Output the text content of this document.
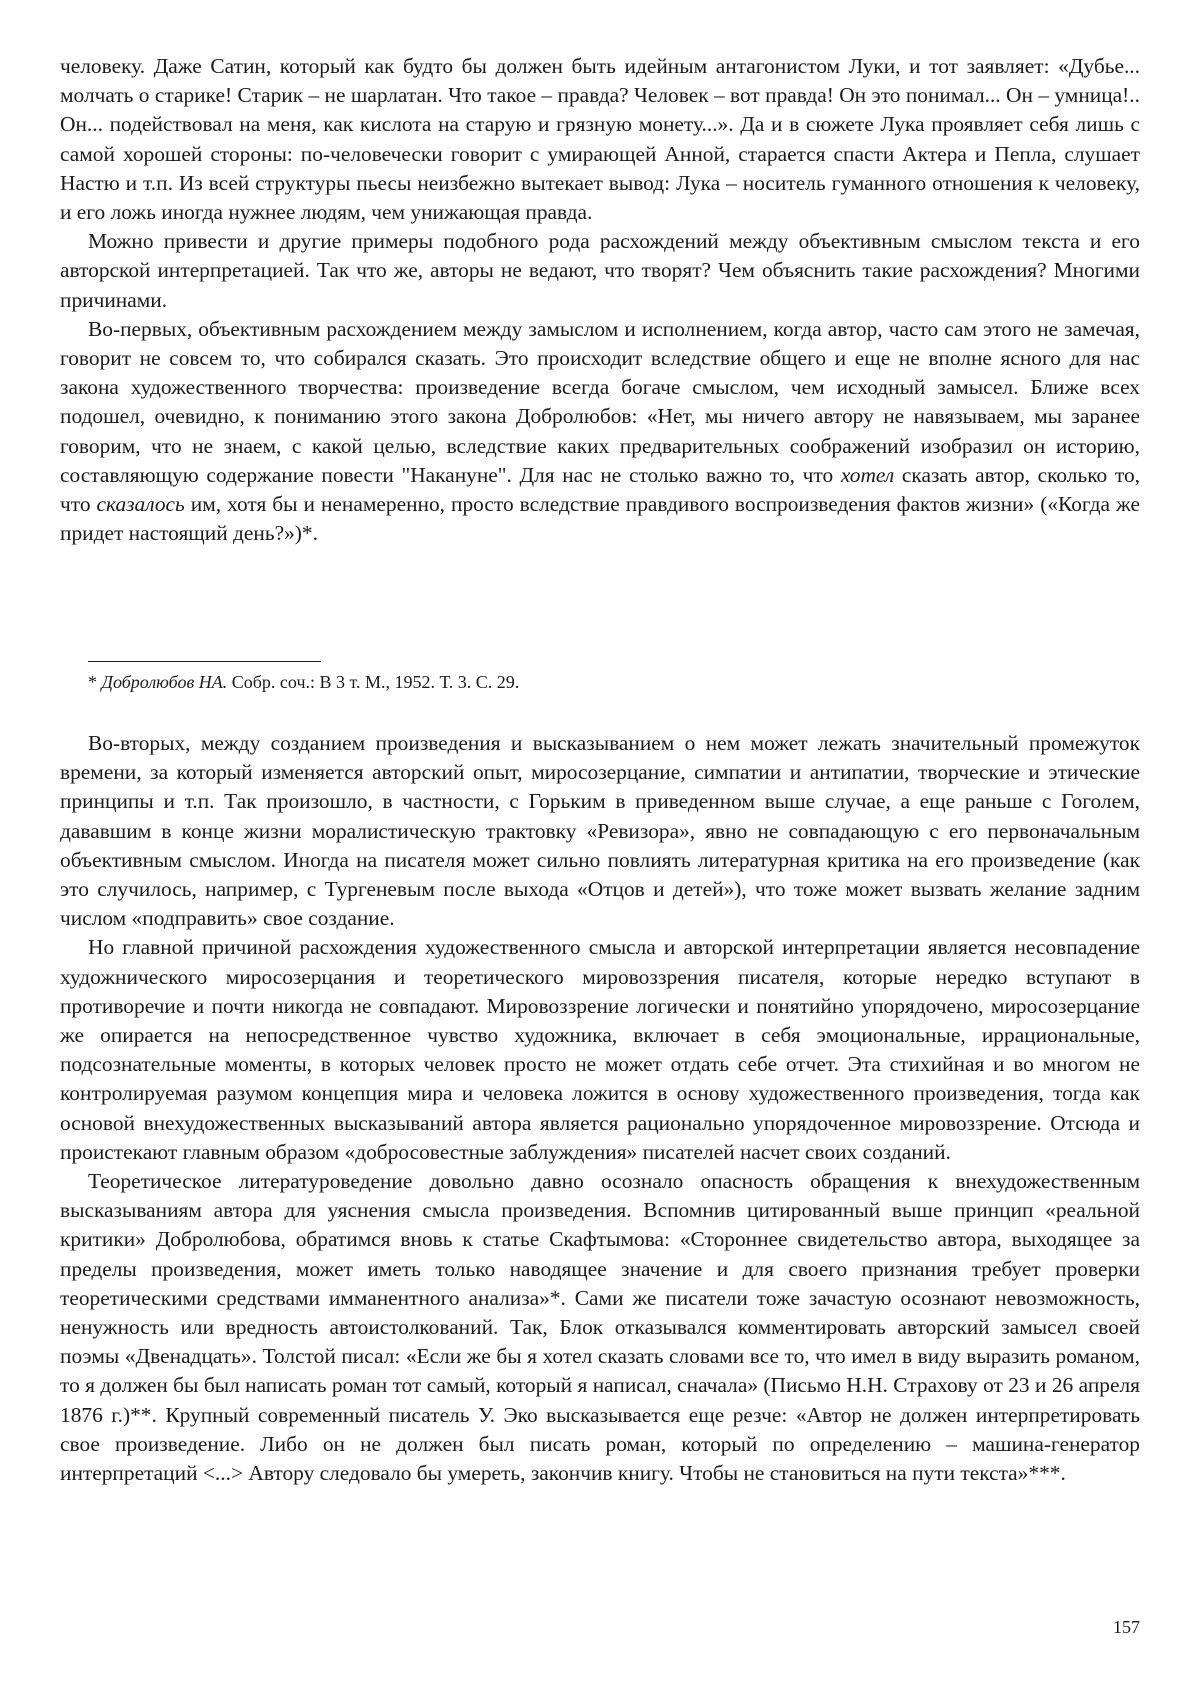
человеку. Даже Сатин, который как будто бы должен быть идейным антагонистом Луки, и тот заявляет: «Дубье... молчать о старике! Старик – не шарлатан. Что такое – правда? Человек – вот правда! Он это понимал... Он – умница!.. Он... подействовал на меня, как кислота на старую и грязную монету...». Да и в сюжете Лука проявляет себя лишь с самой хорошей стороны: по-человечески говорит с умирающей Анной, старается спасти Актера и Пепла, слушает Настю и т.п. Из всей структуры пьесы неизбежно вытекает вывод: Лука – носитель гуманного отношения к человеку, и его ложь иногда нужнее людям, чем унижающая правда.

Можно привести и другие примеры подобного рода расхождений между объективным смыслом текста и его авторской интерпретацией. Так что же, авторы не ведают, что творят? Чем объяснить такие расхождения? Многими причинами.

Во-первых, объективным расхождением между замыслом и исполнением, когда автор, часто сам этого не замечая, говорит не совсем то, что собирался сказать. Это происходит вследствие общего и еще не вполне ясного для нас закона художественного творчества: произведение всегда богаче смыслом, чем исходный замысел. Ближе всех подошел, очевидно, к пониманию этого закона Добролюбов: «Нет, мы ничего автору не навязываем, мы заранее говорим, что не знаем, с какой целью, вследствие каких предварительных соображений изобразил он историю, составляющую содержание повести "Накануне". Для нас не столько важно то, что хотел сказать автор, сколько то, что сказалось им, хотя бы и ненамеренно, просто вследствие правдивого воспроизведения фактов жизни» («Когда же придет настоящий день?»)*.

* Добролюбов НА. Собр. соч.: В 3 т. М., 1952. Т. 3. С. 29.

Во-вторых, между созданием произведения и высказыванием о нем может лежать значительный промежуток времени, за который изменяется авторский опыт, миросозерцание, симпатии и антипатии, творческие и этические принципы и т.п. Так произошло, в частности, с Горьким в приведенном выше случае, а еще раньше с Гоголем, дававшим в конце жизни моралистическую трактовку «Ревизора», явно не совпадающую с его первоначальным объективным смыслом. Иногда на писателя может сильно повлиять литературная критика на его произведение (как это случилось, например, с Тургеневым после выхода «Отцов и детей»), что тоже может вызвать желание задним числом «подправить» свое создание.

Но главной причиной расхождения художественного смысла и авторской интерпретации является несовпадение художнического миросозерцания и теоретического мировоззрения писателя, которые нередко вступают в противоречие и почти никогда не совпадают. Мировоззрение логически и понятийно упорядочено, миросозерцание же опирается на непосредственное чувство художника, включает в себя эмоциональные, иррациональные, подсознательные моменты, в которых человек просто не может отдать себе отчет. Эта стихийная и во многом не контролируемая разумом концепция мира и человека ложится в основу художественного произведения, тогда как основой внехудожественных высказываний автора является рационально упорядоченное мировоззрение. Отсюда и проистекают главным образом «добросовестные заблуждения» писателей насчет своих созданий.

Теоретическое литературоведение довольно давно осознало опасность обращения к внехудожественным высказываниям автора для уяснения смысла произведения. Вспомнив цитированный выше принцип «реальной критики» Добролюбова, обратимся вновь к статье Скафтымова: «Стороннее свидетельство автора, выходящее за пределы произведения, может иметь только наводящее значение и для своего признания требует проверки теоретическими средствами имманентного анализа»*. Сами же писатели тоже зачастую осознают невозможность, ненужность или вредность автоистолкований. Так, Блок отказывался комментировать авторский замысел своей поэмы «Двенадцать». Толстой писал: «Если же бы я хотел сказать словами все то, что имел в виду выразить романом, то я должен бы был написать роман тот самый, который я написал, сначала» (Письмо Н.Н. Страхову от 23 и 26 апреля 1876 г.)**. Крупный современный писатель У. Эко высказывается еще резче: «Автор не должен интерпретировать свое произведение. Либо он не должен был писать роман, который по определению – машина-генератор интерпретаций <...> Автору следовало бы умереть, закончив книгу. Чтобы не становиться на пути текста»***.

157
